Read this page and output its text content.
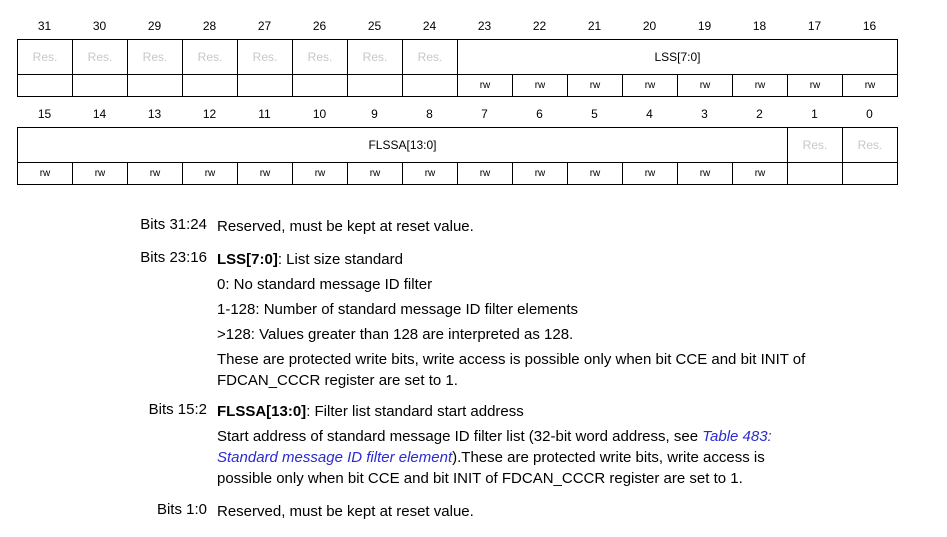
31	30	29	28	27	26	25	24	23	22	21	20	19	18	17	16
Res.	Res.	Res.	Res.	Res.	Res.	Res.	Res.	LSS[7:0]							
								rw	rw	rw	rw	rw	rw	rw	rw
15	14	13	12	11	10	9	8	7	6	5	4	3	2	1	0
FLSSA[13:0]														Res.	Res.
rw	rw	rw	rw	rw	rw	rw	rw	rw	rw	rw	rw	rw	rw		
Bits 31:24 Reserved, must be kept at reset value.

Bits 23:16 LSS[7:0]: List size standard

0: No standard message ID filter

1-128: Number of standard message ID filter elements

>128: Values greater than 128 are interpreted as 128.

These are protected write bits, write access is possible only when bit CCE and bit INIT of

FDCAN_CCCR register are set to 1.

Bits 15:2 FLSSA[13:0]: Filter list standard start address

Start address of standard message ID filter list (32-bit word address, see Table 483:

Standard message ID filter element).These are protected write bits, write access is

possible only when bit CCE and bit INIT of FDCAN_CCCR register are set to 1.

Bits 1:0 Reserved, must be kept at reset value.
